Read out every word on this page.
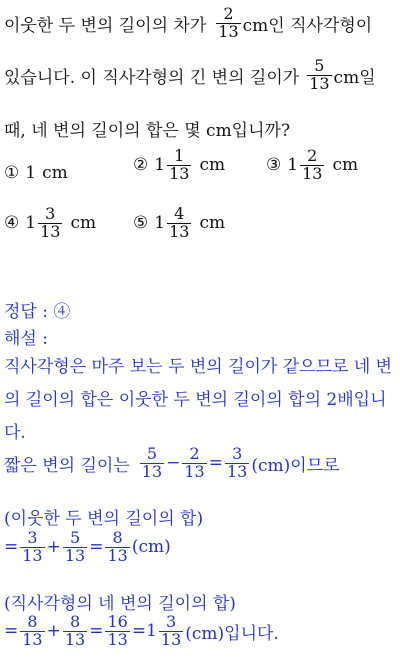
이웃한 두 변의 길이의 차가 $\frac{2}{13}$ cm인 직사각형이
있습니다. 이 직사각형의 긴 변의 길이가 $\frac{5}{13}$ cm일
때, 네 변의 길이의 합은 몇 cm입니까?
① 1 cm	② $1 \frac{1}{13}$ cm ③ $1 \frac{2}{13}$ cm
④ $1 \frac{3}{13}$ cm ⑤ $1 \frac{4}{13}$ cm
정답 : ④
해설 :
직사각형은 마주 보는 두 변의 길이가 같으므로 네 변
의 길이의 합은 이웃한 두 변의 길이의 합의 2배입니
다.
짧은 변의 길이는 $\frac{5}{13} - \frac{2}{13} = \frac{3}{13} (cm)$이므로
(이웃한 두 변의 길이의 합)
= $\frac{3}{13} + \frac{5}{13} = \frac{8}{13} (cm)$
(직사각형의 네 변의 길이의 합)
= $\frac{8}{13} + \frac{8}{13} = \frac{16}{13} = 1 \frac{3}{13} (cm)$입니다.
